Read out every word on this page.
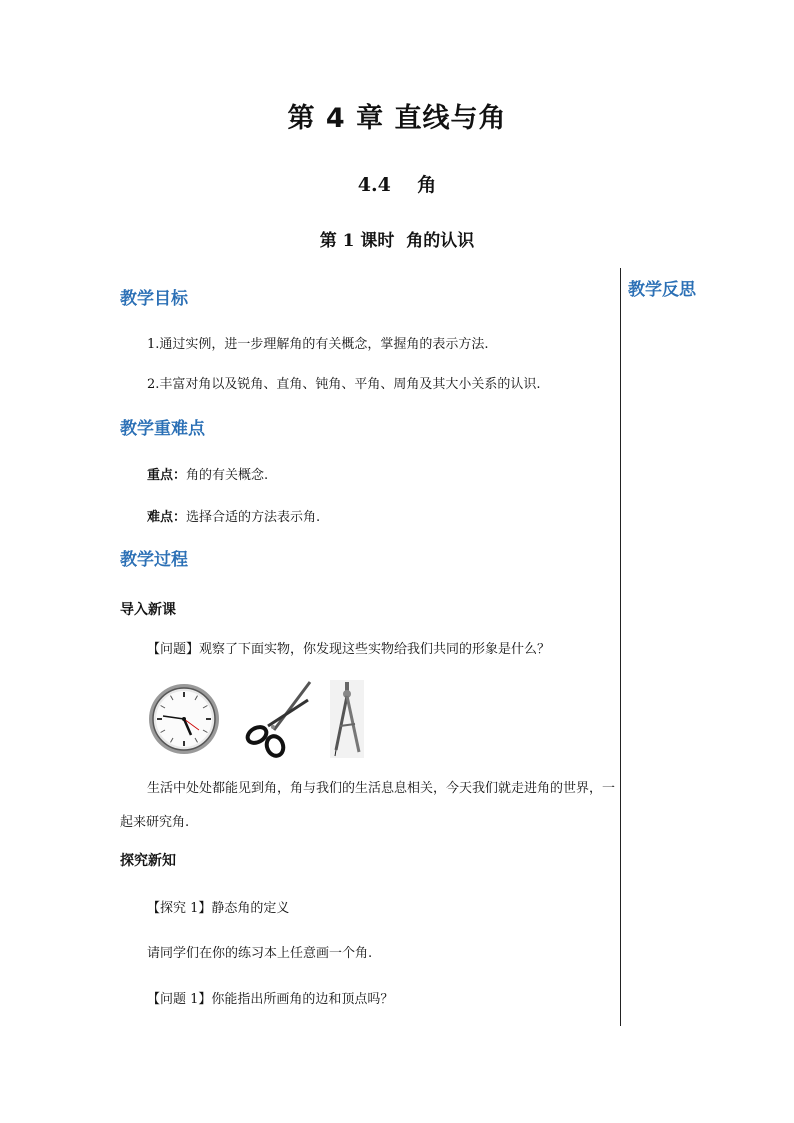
第 4 章 直线与角
4.4    角
第 1 课时  角的认识
教学反思
教学目标
1.通过实例，进一步理解角的有关概念，掌握角的表示方法.
2.丰富对角以及锐角、直角、钝角、平角、周角及其大小关系的认识.
教学重难点
重点：角的有关概念.
难点：选择合适的方法表示角.
教学过程
导入新课
【问题】观察了下面实物，你发现这些实物给我们共同的形象是什么？
生活中处处都能见到角，角与我们的生活息息相关，今天我们就走进角的世界，一起来研究角.
探究新知
【探究 1】静态角的定义
请同学们在你的练习本上任意画一个角.
【问题 1】你能指出所画角的边和顶点吗？
